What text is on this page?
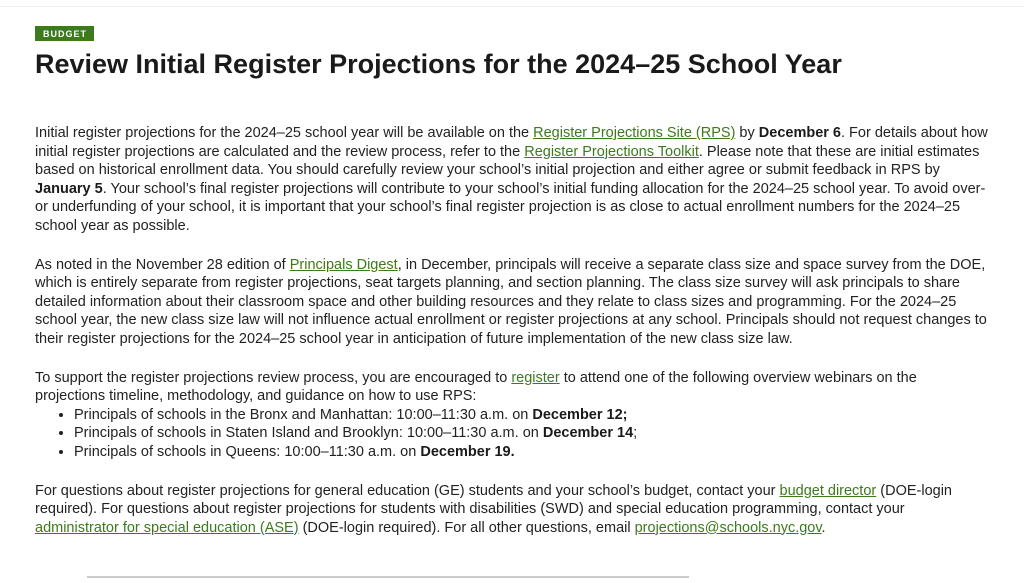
BUDGET
Review Initial Register Projections for the 2024–25 School Year

Initial register projections for the 2024–25 school year will be available on the Register Projections Site (RPS) by December 6. For details about how initial register projections are calculated and the review process, refer to the Register Projections Toolkit. Please note that these are initial estimates based on historical enrollment data. You should carefully review your school’s initial projection and either agree or submit feedback in RPS by January 5. Your school’s final register projections will contribute to your school’s initial funding allocation for the 2024–25 school year. To avoid over- or underfunding of your school, it is important that your school’s final register projection is as close to actual enrollment numbers for the 2024–25 school year as possible.

As noted in the November 28 edition of Principals Digest, in December, principals will receive a separate class size and space survey from the DOE, which is entirely separate from register projections, seat targets planning, and section planning. The class size survey will ask principals to share detailed information about their classroom space and other building resources and they relate to class sizes and programming. For the 2024–25 school year, the new class size law will not influence actual enrollment or register projections at any school. Principals should not request changes to their register projections for the 2024–25 school year in anticipation of future implementation of the new class size law.

To support the register projections review process, you are encouraged to register to attend one of the following overview webinars on the projections timeline, methodology, and guidance on how to use RPS:

• Principals of schools in the Bronx and Manhattan: 10:00–11:30 a.m. on December 12;
• Principals of schools in Staten Island and Brooklyn: 10:00–11:30 a.m. on December 14;
• Principals of schools in Queens: 10:00–11:30 a.m. on December 19.

For questions about register projections for general education (GE) students and your school’s budget, contact your budget director (DOE-login required). For questions about register projections for students with disabilities (SWD) and special education programming, contact your administrator for special education (ASE) (DOE-login required). For all other questions, email projections@schools.nyc.gov.
